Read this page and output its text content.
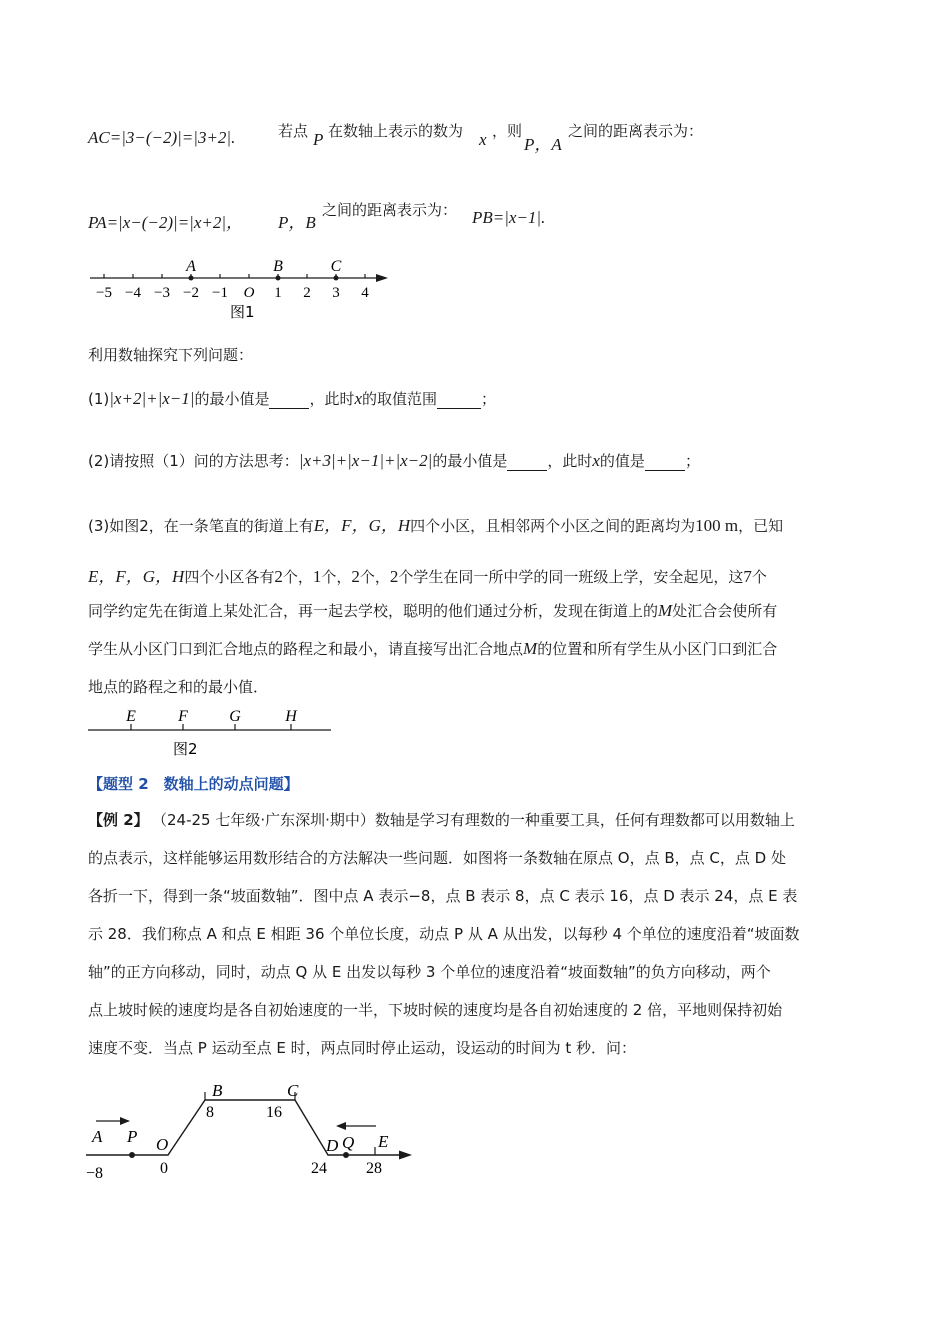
AC=|3−(−2)|=|3+2|.	若点 P 在数轴上表示的数为 x ，则
P，A
之间的距离表示为：
PA=|x−(−2)|=|x+2|， P，B
之间的距离表示为： PB=|x−1|.
−5 −4 −3 −2 −1 O 1 2 3 4
A	B	C
图1
利用数轴探究下列问题：
(1)|x+2|+|x−1|的最小值是	，此时x的取值范围	；
(2)请按照（1）问的方法思考：|x+3|+|x−1|+|x−2|的最小值是	，此时x的值是	；
(3)如图2，在一条笔直的街道上有E，F，G，H四个小区，且相邻两个小区之间的距离均为100 m，已知
E，F，G，H四个小区各有2个，1个，2个，2个学生在同一所中学的同一班级上学，安全起见，这7个
同学约定先在街道上某处汇合，再一起去学校，聪明的他们通过分析，发现在街道上的M处汇合会使所有
学生从小区门口到汇合地点的路程之和最小，请直接写出汇合地点M的位置和所有学生从小区门口到汇合
地点的路程之和的最小值．
E	F	G	H
图2
【题型 2　数轴上的动点问题】
【例 2】 （24-25 七年级·广东深圳·期中）数轴是学习有理数的一种重要工具，任何有理数都可以用数轴上
的点表示，这样能够运用数形结合的方法解决一些问题．如图将一条数轴在原点 O，点 B，点 C，点 D 处
各折一下，得到一条“坡面数轴”．图中点 A 表示−8，点 B 表示 8，点 C 表示 16，点 D 表示 24，点 E 表
示 28．我们称点 A 和点 E 相距 36 个单位长度，动点 P 从 A 从出发，以每秒 4 个单位的速度沿着“坡面数
轴”的正方向移动，同时，动点 Q 从 E 出发以每秒 3 个单位的速度沿着“坡面数轴”的负方向移动，两个
点上坡时候的速度均是各自初始速度的一半，下坡时候的速度均是各自初始速度的 2 倍，平地则保持初始
速度不变．当点 P 运动至点 E 时，两点同时停止运动，设运动的时间为 t 秒．问：
A P O
B	C
D Q E
−8	0
8	16
24 28
